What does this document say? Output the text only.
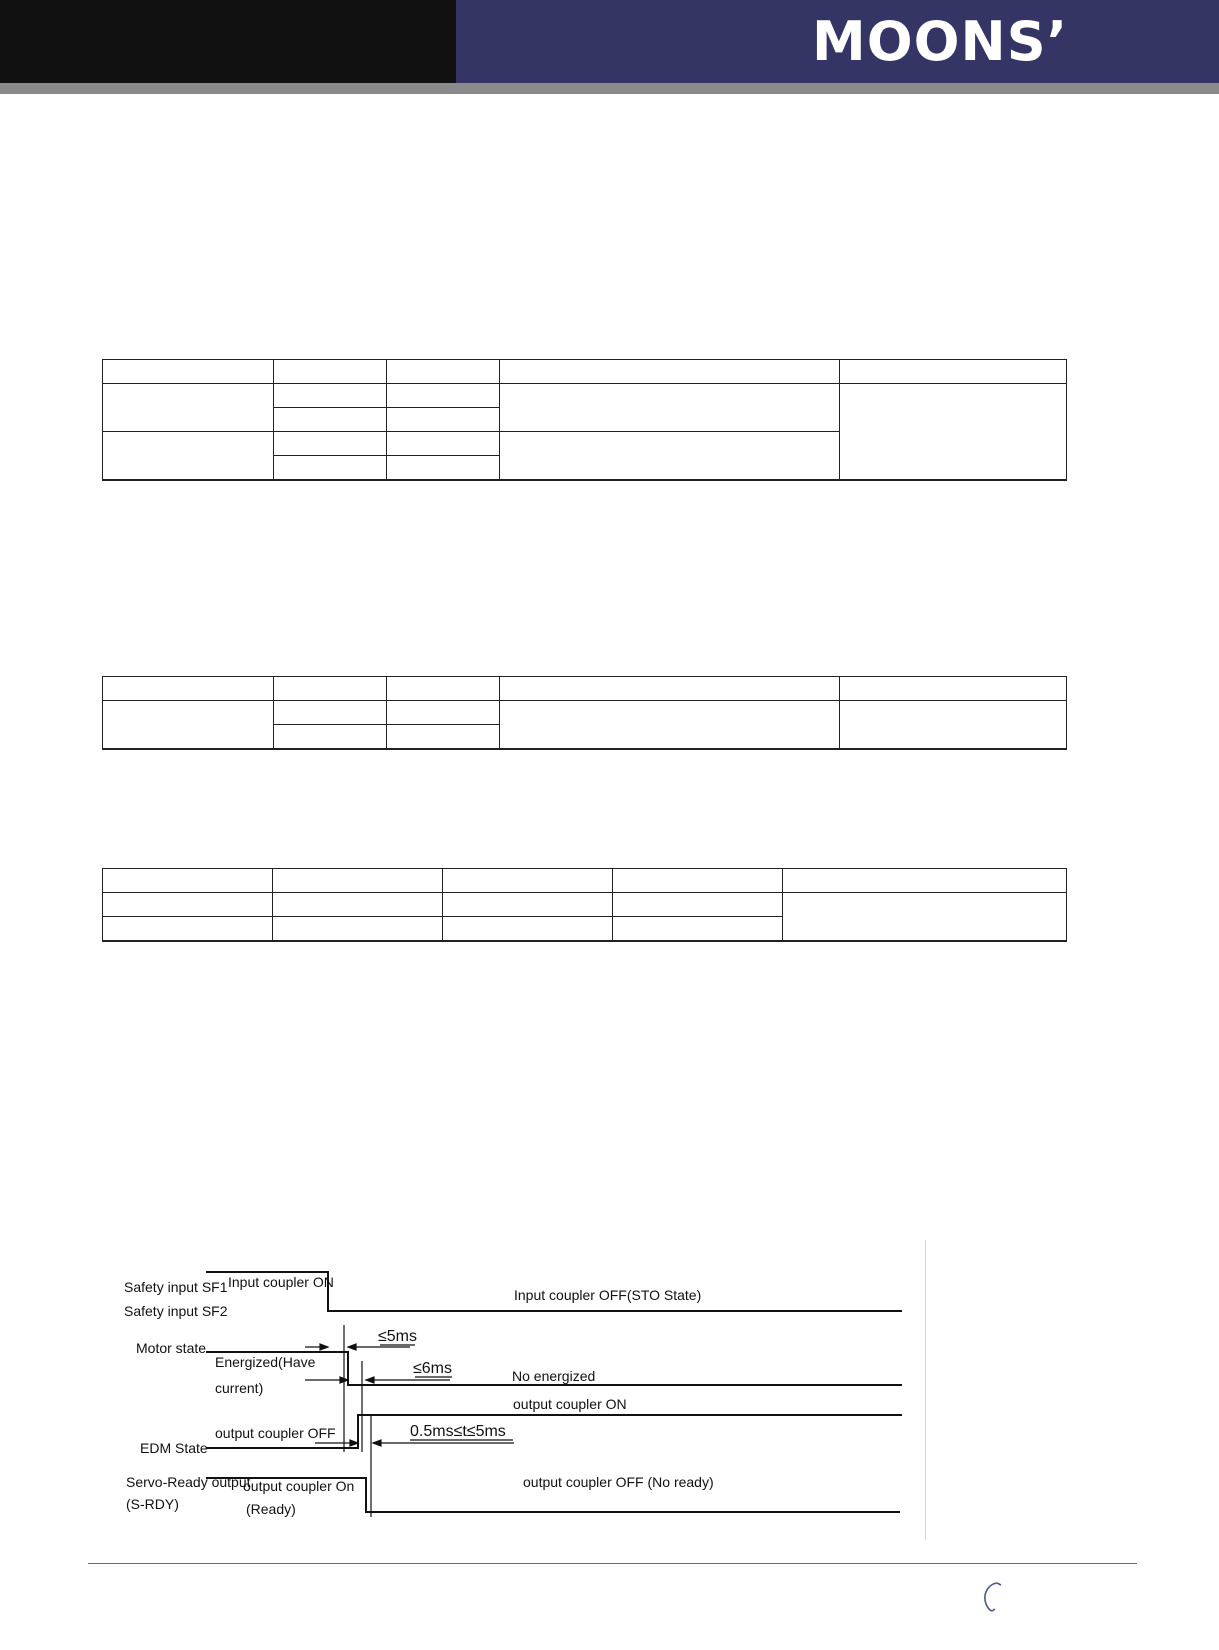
MOONS’

Safety input SF1
Safety input SF2
Motor state
EDM State
Servo-Ready output
(S-RDY)
Input coupler ON
Input coupler OFF(STO State)
Energized(Have
current)
No energized
output coupler OFF
output coupler ON
output coupler On
(Ready)
output coupler OFF (No ready)
≤5ms
≤6ms
0.5ms≤t≤5ms
